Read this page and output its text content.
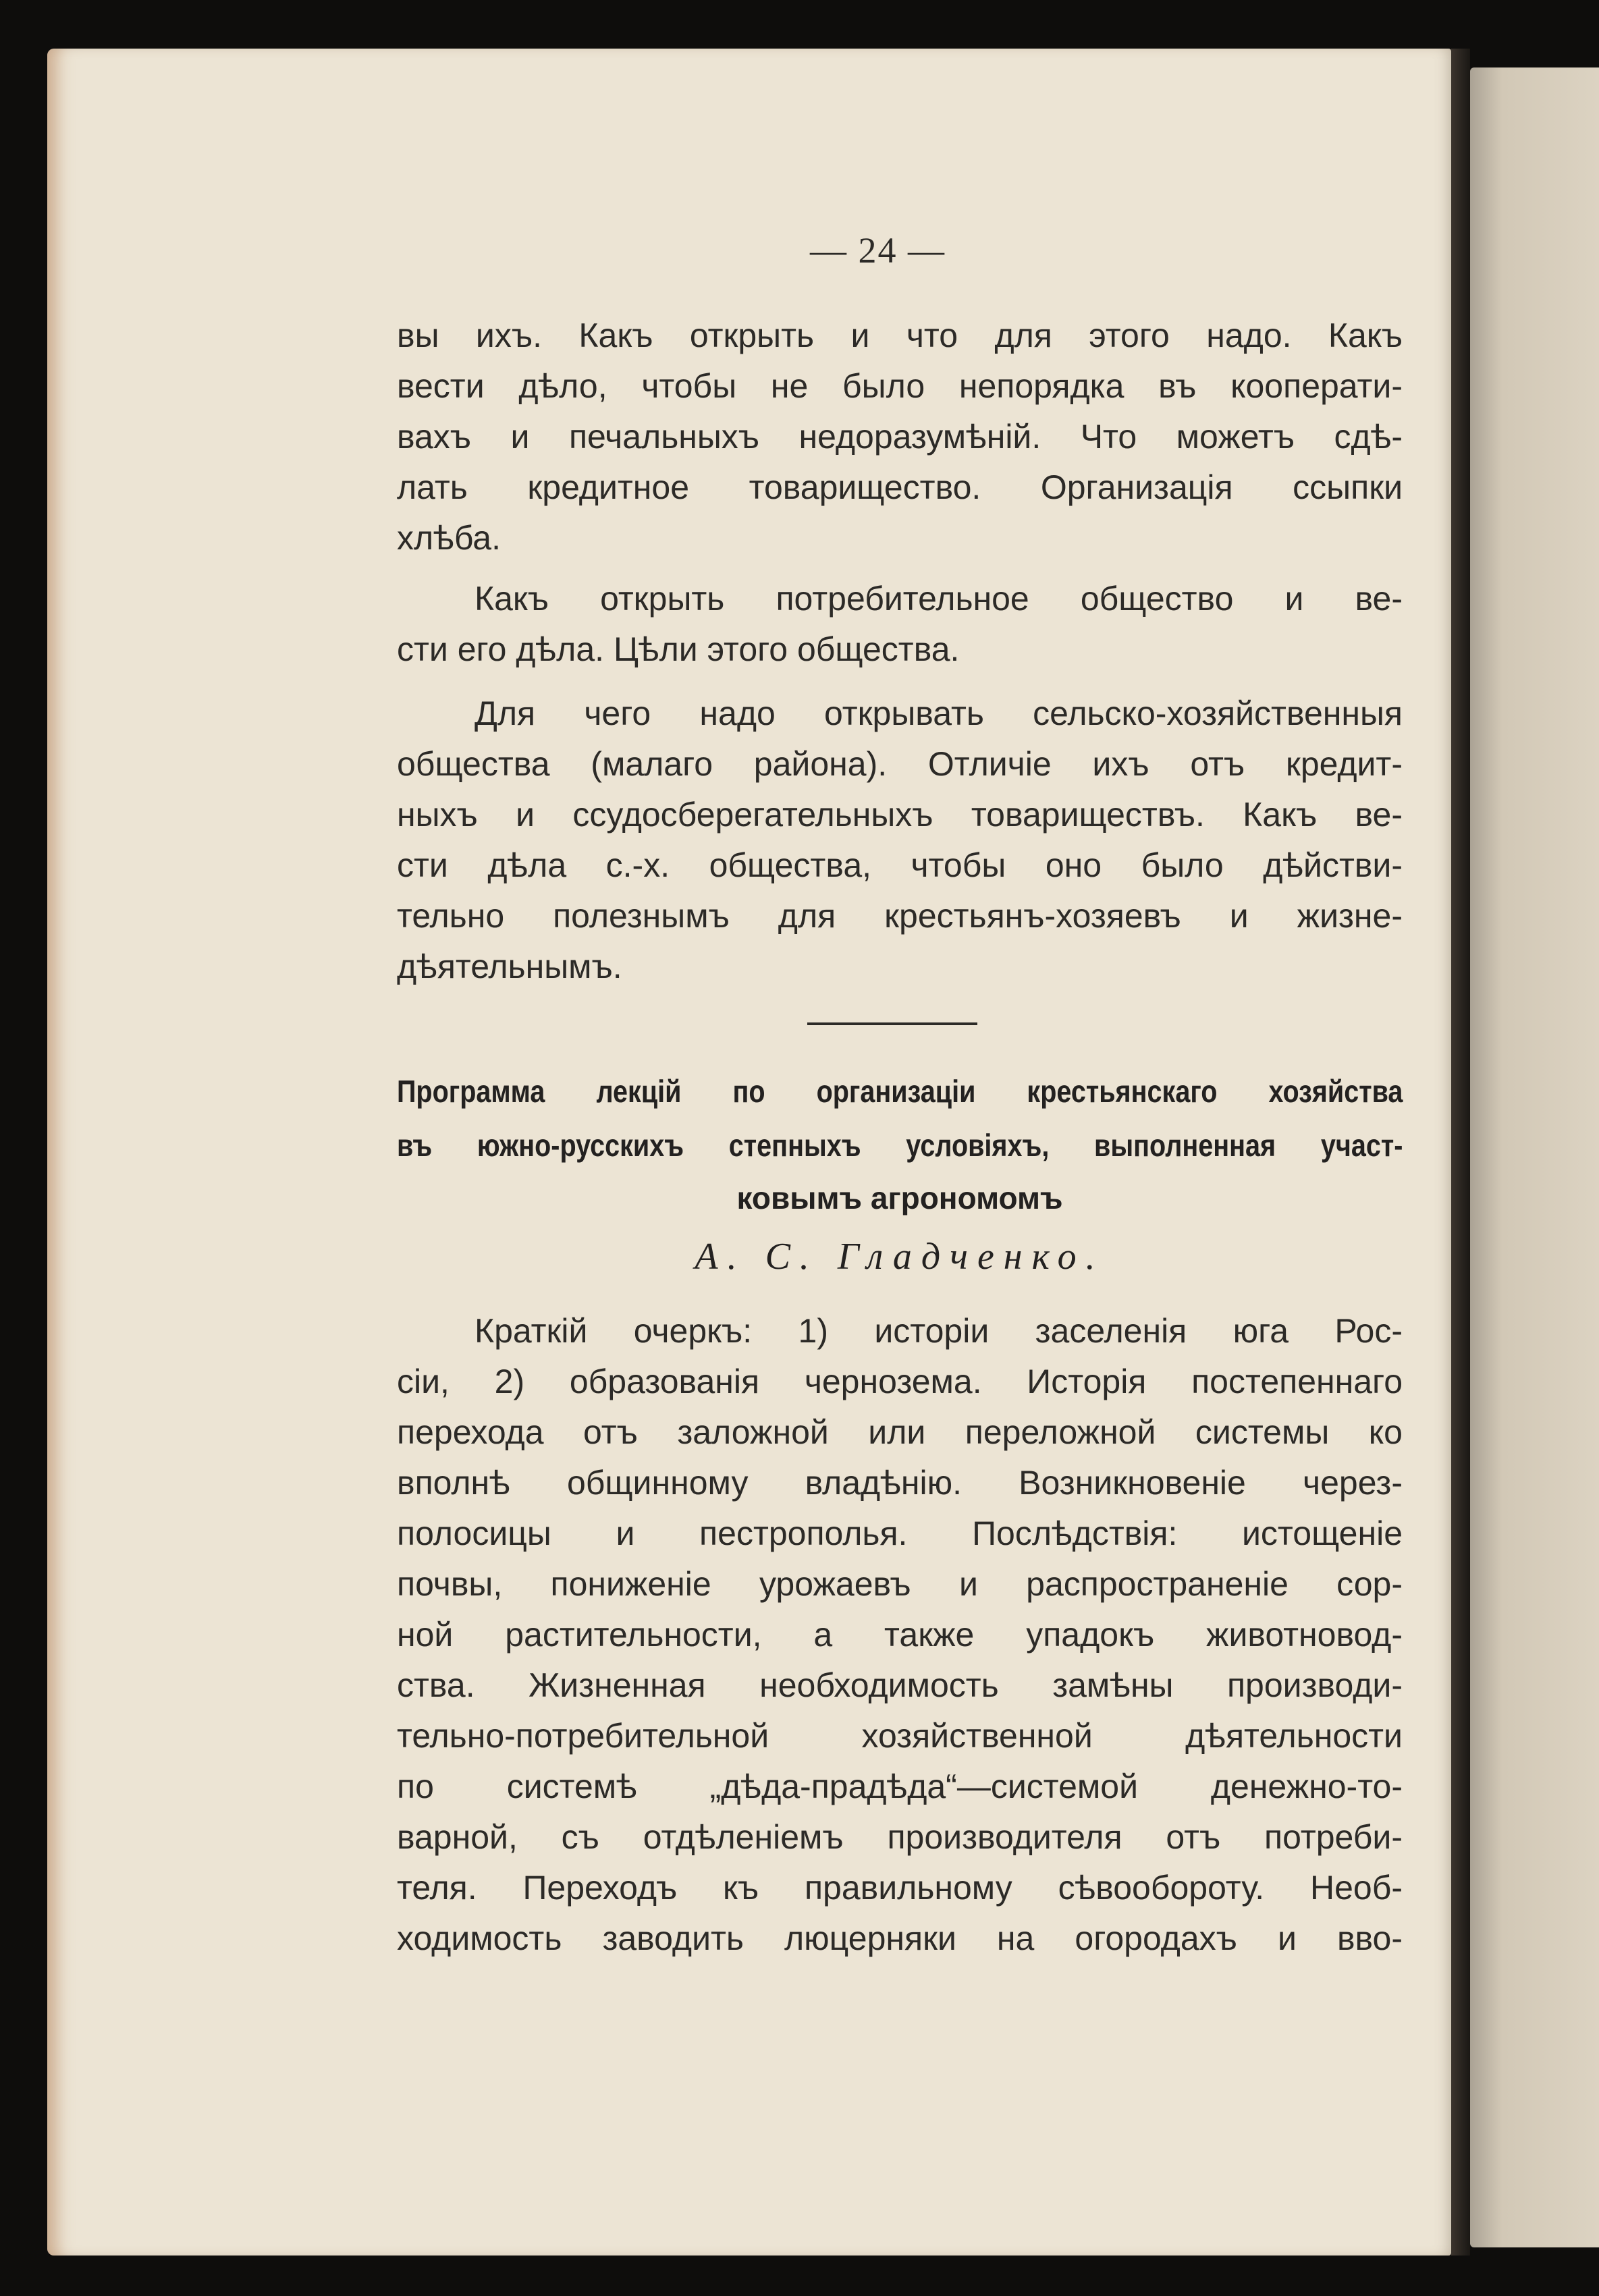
— 24 —
вы ихъ. Какъ открыть и что для этого надо. Какъ
вести дѣло, чтобы не было непорядка въ кооперати-
вахъ и печальныхъ недоразумѣній. Что можетъ сдѣ-
лать кредитное товарищество. Организація ссыпки
хлѣба.
Какъ открыть потребительное общество и ве-
сти его дѣла. Цѣли этого общества.
Для чего надо открывать сельско-хозяйственныя
общества (малаго района). Отличіе ихъ отъ кредит-
ныхъ и ссудосберегательныхъ товариществъ. Какъ ве-
сти дѣла с.-х. общества, чтобы оно было дѣйстви-
тельно полезнымъ для крестьянъ-хозяевъ и жизне-
дѣятельнымъ.
Программа лекцій по организаціи крестьянскаго хозяйства
въ южно-русскихъ степныхъ условіяхъ, выполненная участ-
ковымъ агрономомъ
А. С. Гладченко.
Краткій очеркъ: 1) исторіи заселенія юга Рос-
сіи, 2) образованія чернозема. Исторія постепеннаго
перехода отъ заложной или переложной системы ко
вполнѣ общинному владѣнію. Возникновеніе через-
полосицы и пестрополья. Послѣдствія: истощеніе
почвы, пониженіе урожаевъ и распространеніе сор-
ной растительности, а также упадокъ животновод-
ства. Жизненная необходимость замѣны производи-
тельно-потребительной хозяйственной дѣятельности
по системѣ „дѣда-прадѣда“—системой денежно-то-
варной, съ отдѣленіемъ производителя отъ потреби-
теля. Переходъ къ правильному сѣвообороту. Необ-
ходимость заводить люцерняки на огородахъ и вво-
